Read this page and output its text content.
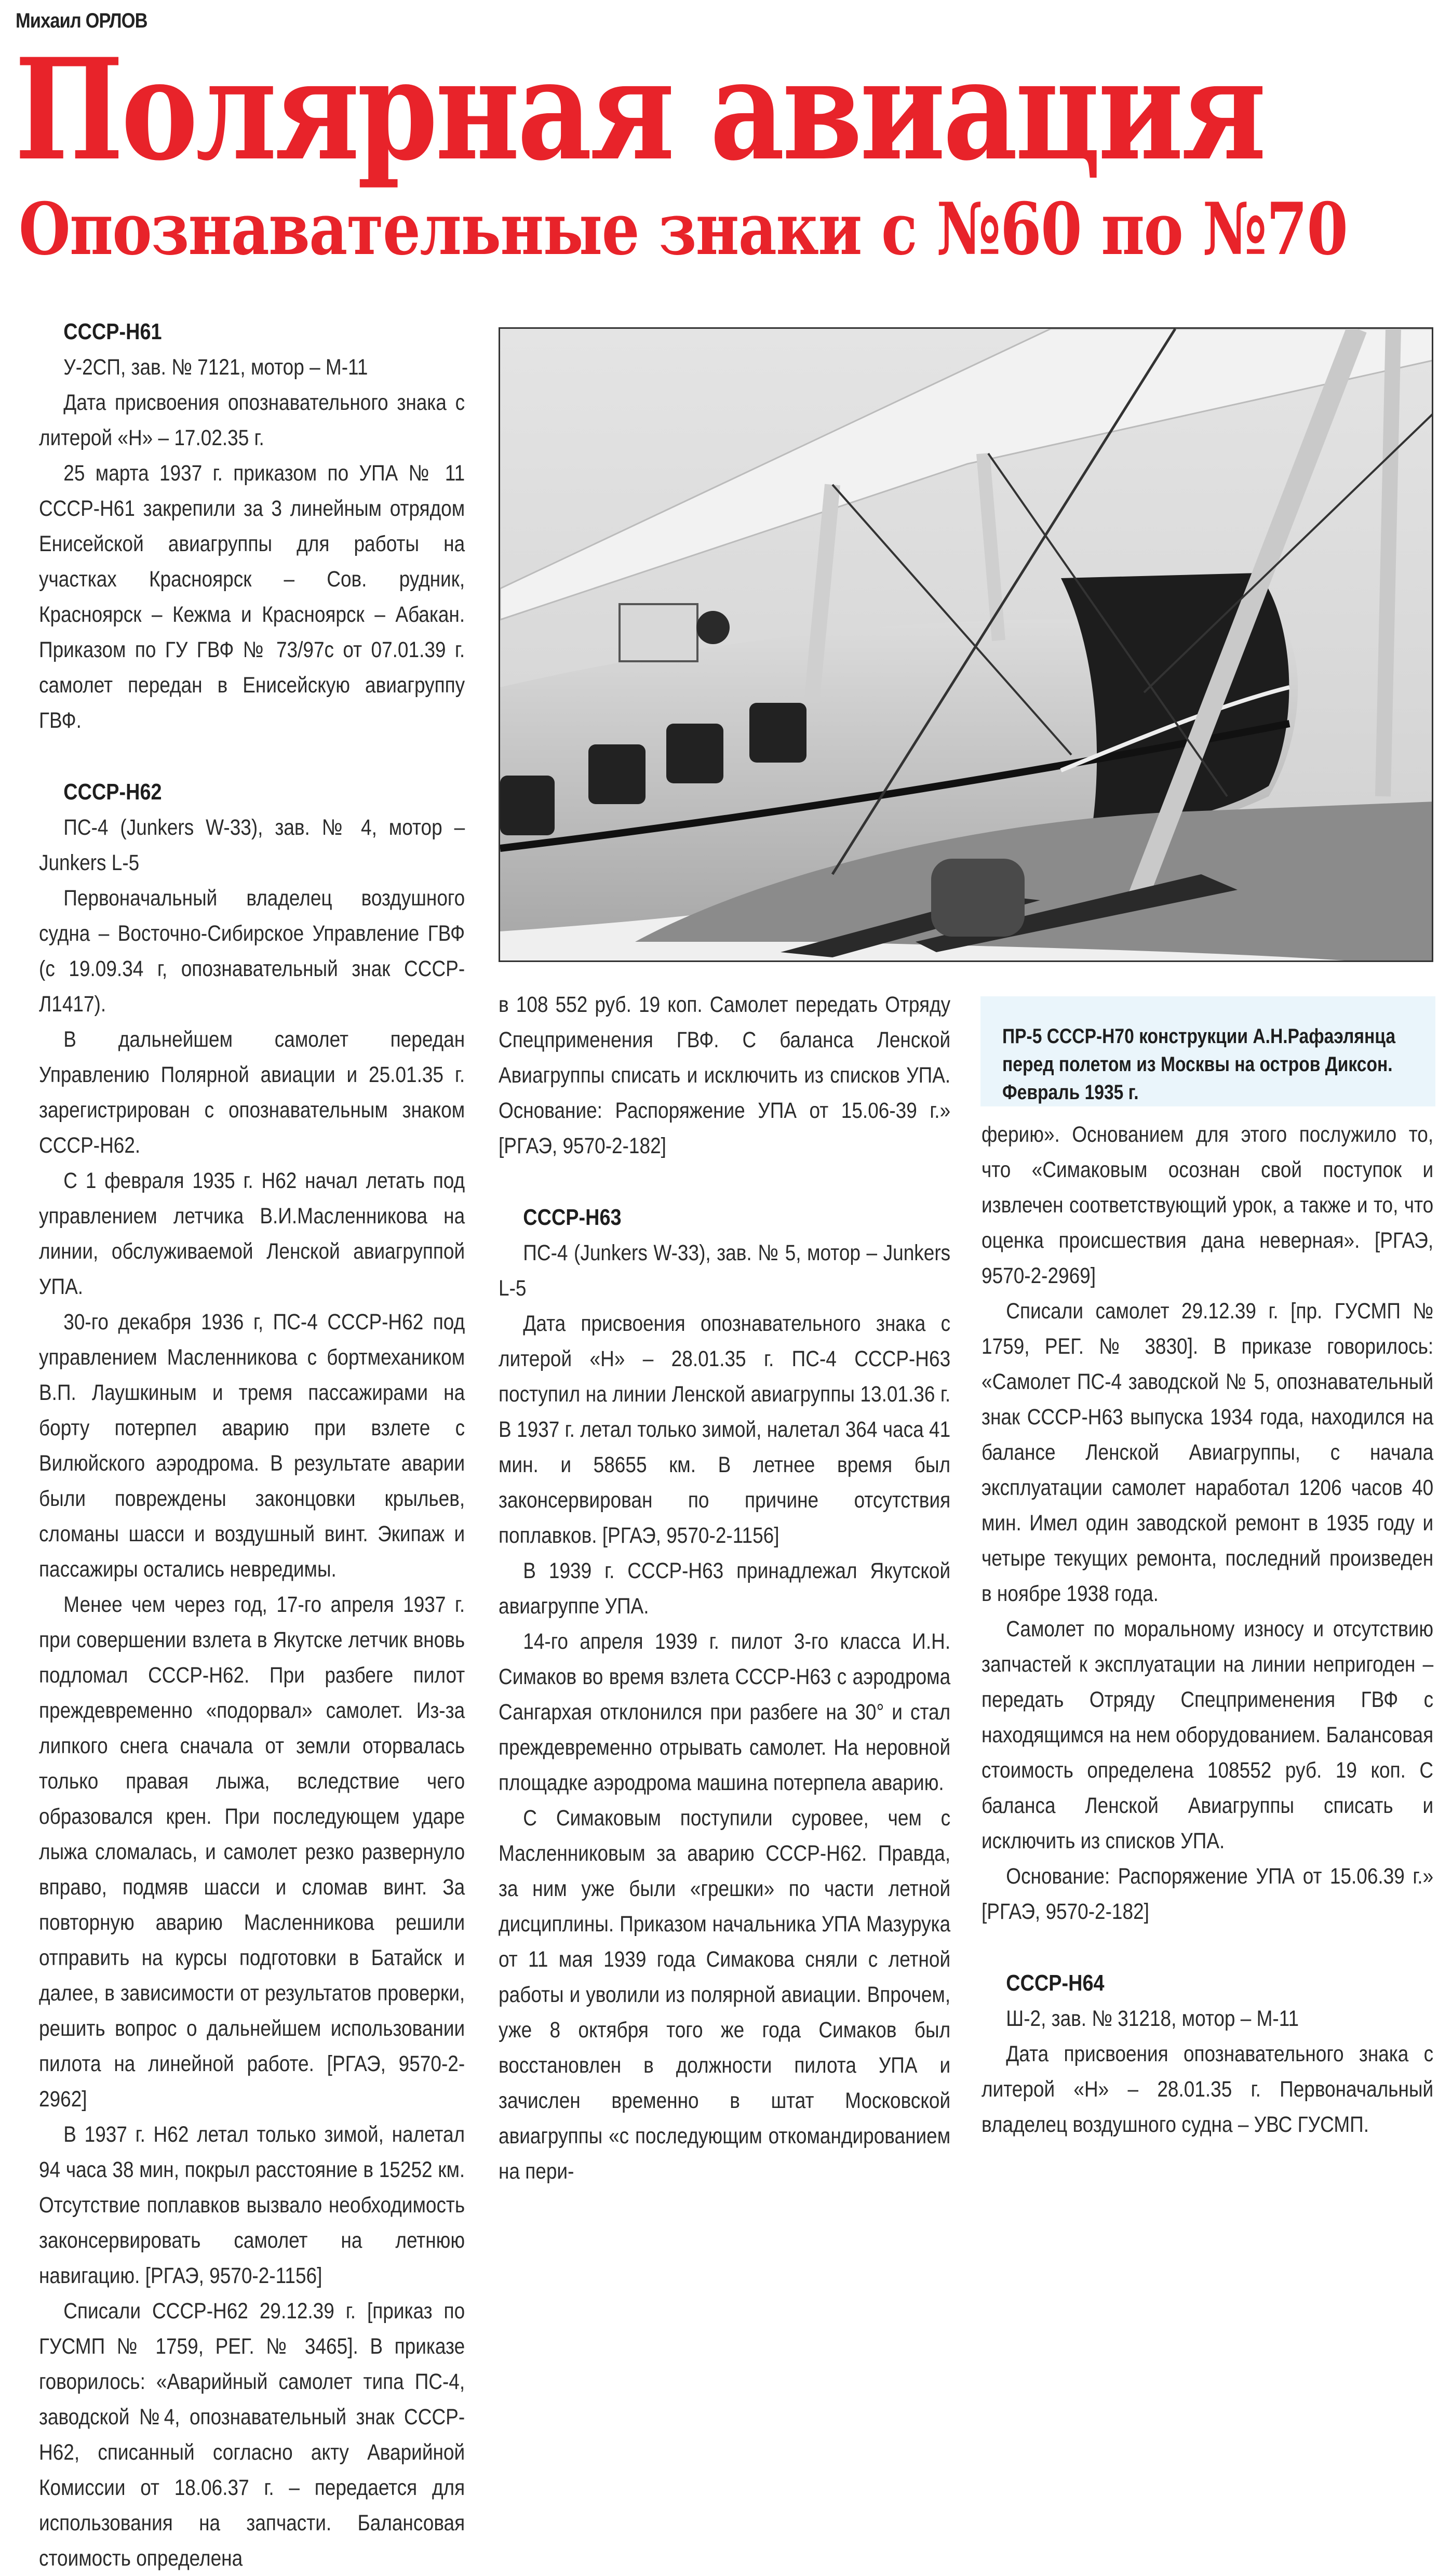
Михаил ОРЛОВ
Полярная авиация
Опознавательные знаки с №60 по №70
СССР-Н61

У-2СП, зав. № 7121, мотор – М-11

Дата присвоения опознавательного знака с литерой «Н» – 17.02.35 г.

25 марта 1937 г. приказом по УПА № 11 СССР-Н61 закрепили за 3 линейным отрядом Енисейской авиагруппы для работы на участках Красноярск – Сов. рудник, Красноярск – Кежма и Красноярск – Абакан. Приказом по ГУ ГВФ № 73/97с от 07.01.39 г. самолет передан в Енисейскую авиагруппу ГВФ.

СССР-Н62

ПС-4 (Junkers W-33), зав. № 4, мотор – Junkers L-5

Первоначальный владелец воздушного судна – Восточно-Сибирское Управление ГВФ (с 19.09.34 г, опознавательный знак СССР-Л1417).

В дальнейшем самолет передан Управлению Полярной авиации и 25.01.35 г. зарегистрирован с опознавательным знаком СССР-Н62.

С 1 февраля 1935 г. Н62 начал летать под управлением летчика В.И.Масленникова на линии, обслуживаемой Ленской авиагруппой УПА.

30-го декабря 1936 г, ПС-4 СССР-Н62 под управлением Масленникова с бортмехаником В.П. Лаушкиным и тремя пассажирами на борту потерпел аварию при взлете с Вилюйского аэродрома. В результате аварии были повреждены законцовки крыльев, сломаны шасси и воздушный винт. Экипаж и пассажиры остались невредимы.

Менее чем через год, 17-го апреля 1937 г. при совершении взлета в Якутске летчик вновь подломал СССР-Н62. При разбеге пилот преждевременно «подорвал» самолет. Из-за липкого снега сначала от земли оторвалась только правая лыжа, вследствие чего образовался крен. При последующем ударе лыжа сломалась, и самолет резко развернуло вправо, подмяв шасси и сломав винт. За повторную аварию Масленникова решили отправить на курсы подготовки в Батайск и далее, в зависимости от результатов проверки, решить вопрос о дальнейшем использовании пилота на линейной работе. [РГАЭ, 9570-2-2962]

В 1937 г. Н62 летал только зимой, налетал 94 часа 38 мин, покрыл расстояние в 15252 км. Отсутствие поплавков вызвало необходимость законсервировать самолет на летнюю навигацию. [РГАЭ, 9570-2-1156]

Списали СССР-Н62 29.12.39 г. [приказ по ГУСМП № 1759, РЕГ. № 3465]. В приказе говорилось: «Аварийный самолет типа ПС-4, заводской №4, опознавательный знак СССР-Н62, списанный согласно акту Аварийной Комиссии от 18.06.37 г. – передается для использования на запчасти. Балансовая стоимость определена

ПР-5 СССР-Н70 конструкции А.Н.Рафаэлянца
перед полетом из Москвы на остров Диксон.
Февраль 1935 г.

в 108 552 руб. 19 коп. Самолет передать Отряду Спецприменения ГВФ. С баланса Ленской Авиагруппы списать и исключить из списков УПА. Основание: Распоряжение УПА от 15.06-39 г.» [РГАЭ, 9570-2-182]

СССР-Н63

ПС-4 (Junkers W-33), зав. № 5, мотор – Junkers L-5

Дата присвоения опознавательного знака с литерой «Н» – 28.01.35 г. ПС-4 СССР-Н63 поступил на линии Ленской авиагруппы 13.01.36 г. В 1937 г. летал только зимой, налетал 364 часа 41 мин. и 58655 км. В летнее время был законсервирован по причине отсутствия поплавков. [РГАЭ, 9570-2-1156]

В 1939 г. СССР-Н63 принадлежал Якутской авиагруппе УПА.

14-го апреля 1939 г. пилот 3-го класса И.Н. Симаков во время взлета СССР-Н63 с аэродрома Сангархая отклонился при разбеге на 30° и стал преждевременно отрывать самолет. На неровной площадке аэродрома машина потерпела аварию.

С Симаковым поступили суровее, чем с Масленниковым за аварию СССР-Н62. Правда, за ним уже были «грешки» по части летной дисциплины. Приказом начальника УПА Мазурука от 11 мая 1939 года Симакова сняли с летной работы и уволили из полярной авиации. Впрочем, уже 8 октября того же года Симаков был восстановлен в должности пилота УПА и зачислен временно в штат Московской авиагруппы «с последующим откомандированием на пери-

ферию». Основанием для этого послужило то, что «Симаковым осознан свой поступок и извлечен соответствующий урок, а также и то, что оценка происшествия дана неверная». [РГАЭ, 9570-2-2969]

Списали самолет 29.12.39 г. [пр. ГУСМП № 1759, РЕГ. № 3830]. В приказе говорилось: «Самолет ПС-4 заводской № 5, опознавательный знак СССР-Н63 выпуска 1934 года, находился на балансе Ленской Авиагруппы, с начала эксплуатации самолет наработал 1206 часов 40 мин. Имел один заводской ремонт в 1935 году и четыре текущих ремонта, последний произведен в ноябре 1938 года.

Самолет по моральному износу и отсутствию запчастей к эксплуатации на линии непригоден – передать Отряду Спецприменения ГВФ с находящимся на нем оборудованием. Балансовая стоимость определена 108552 руб. 19 коп. С баланса Ленской Авиагруппы списать и исключить из списков УПА.

Основание: Распоряжение УПА от 15.06.39 г.» [РГАЭ, 9570-2-182]

СССР-Н64

Ш-2, зав. № 31218, мотор – М-11

Дата присвоения опознавательного знака с литерой «Н» – 28.01.35 г. Первоначальный владелец воздушного судна – УВС ГУСМП.
